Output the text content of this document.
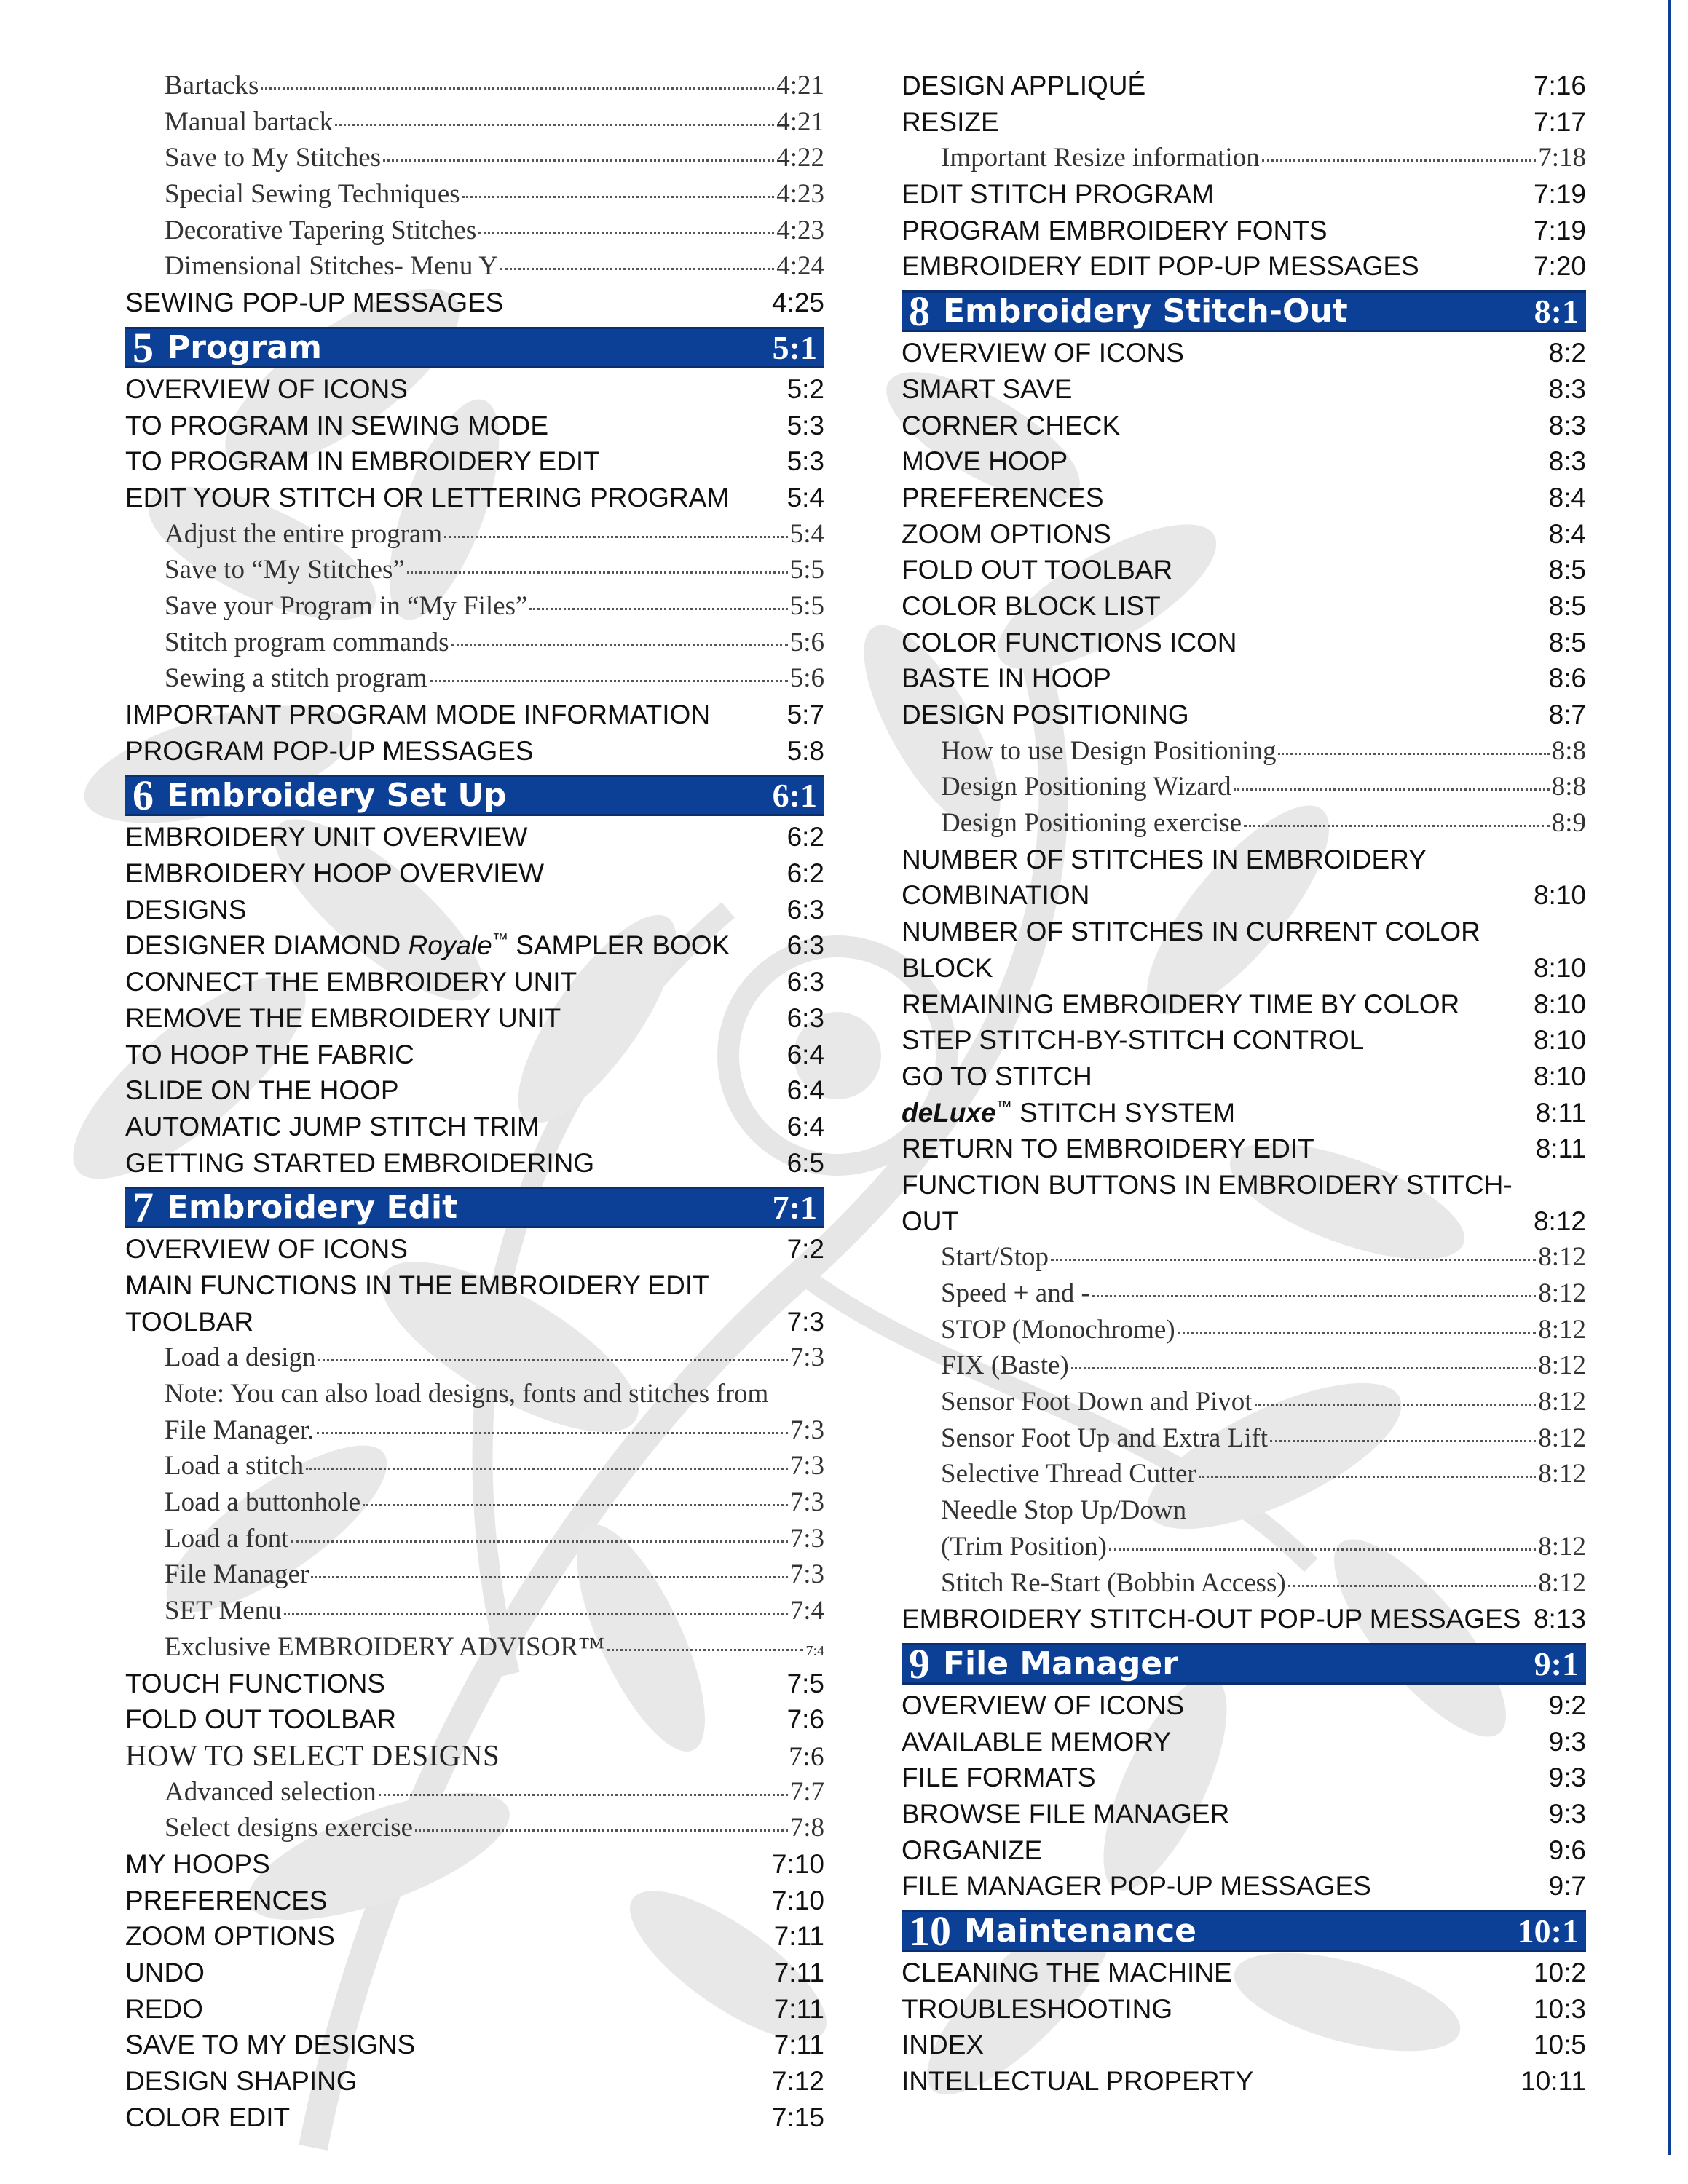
Bartacks	4:21
Manual bartack	4:21
Save to My Stitches	4:22
Special Sewing Techniques	4:23
Decorative Tapering Stitches	4:23
Dimensional Stitches- Menu Y	4:24
SEWING POP-UP MESSAGES	4:25
5 Program	5:1
OVERVIEW OF ICONS	5:2
TO PROGRAM IN SEWING MODE	5:3
TO PROGRAM IN EMBROIDERY EDIT	5:3
EDIT YOUR STITCH OR LETTERING PROGRAM	5:4
Adjust the entire program	5:4
Save to “My Stitches”	5:5
Save your Program in “My Files”	5:5
Stitch program commands	5:6
Sewing a stitch program	5:6
IMPORTANT PROGRAM MODE INFORMATION	5:7
PROGRAM POP-UP MESSAGES	5:8
6 Embroidery Set Up	6:1
EMBROIDERY UNIT OVERVIEW	6:2
EMBROIDERY HOOP OVERVIEW	6:2
DESIGNS	6:3
DESIGNER DIAMOND Royale™ SAMPLER BOOK	6:3
CONNECT THE EMBROIDERY UNIT	6:3
REMOVE THE EMBROIDERY UNIT	6:3
TO HOOP THE FABRIC	6:4
SLIDE ON THE HOOP	6:4
AUTOMATIC JUMP STITCH TRIM	6:4
GETTING STARTED EMBROIDERING	6:5
7 Embroidery Edit	7:1
OVERVIEW OF ICONS	7:2
MAIN FUNCTIONS IN THE EMBROIDERY EDIT
TOOLBAR	7:3
Load a design	7:3
Note: You can also load designs, fonts and stitches from
File Manager.	7:3
Load a stitch	7:3
Load a buttonhole	7:3
Load a font	7:3
File Manager	7:3
SET Menu	7:4
Exclusive EMBROIDERY ADVISOR™	7:4
TOUCH FUNCTIONS	7:5
FOLD OUT TOOLBAR	7:6
HOW TO SELECT DESIGNS	7:6
Advanced selection	7:7
Select designs exercise	7:8
MY HOOPS	7:10
PREFERENCES	7:10
ZOOM OPTIONS	7:11
UNDO	7:11
REDO	7:11
SAVE TO MY DESIGNS	7:11
DESIGN SHAPING	7:12
COLOR EDIT	7:15
DESIGN APPLIQUÉ	7:16
RESIZE	7:17
Important Resize information	7:18
EDIT STITCH PROGRAM	7:19
PROGRAM EMBROIDERY FONTS	7:19
EMBROIDERY EDIT POP-UP MESSAGES	7:20
8 Embroidery Stitch-Out	8:1
OVERVIEW OF ICONS	8:2
SMART SAVE	8:3
CORNER CHECK	8:3
MOVE HOOP	8:3
PREFERENCES	8:4
ZOOM OPTIONS	8:4
FOLD OUT TOOLBAR	8:5
COLOR BLOCK LIST	8:5
COLOR FUNCTIONS ICON	8:5
BASTE IN HOOP	8:6
DESIGN POSITIONING	8:7
How to use Design Positioning	8:8
Design Positioning Wizard	8:8
Design Positioning exercise	8:9
NUMBER OF STITCHES IN EMBROIDERY
COMBINATION	8:10
NUMBER OF STITCHES IN CURRENT COLOR
BLOCK	8:10
REMAINING EMBROIDERY TIME BY COLOR	8:10
STEP STITCH-BY-STITCH CONTROL	8:10
GO TO STITCH	8:10
deLuxe™ STITCH SYSTEM	8:11
RETURN TO EMBROIDERY EDIT	8:11
FUNCTION BUTTONS IN EMBROIDERY STITCH-
OUT	8:12
Start/Stop	8:12
Speed + and -	8:12
STOP (Monochrome)	8:12
FIX (Baste)	8:12
Sensor Foot Down and Pivot	8:12
Sensor Foot Up and Extra Lift	8:12
Selective Thread Cutter	8:12
Needle Stop Up/Down
(Trim Position)	8:12
Stitch Re-Start (Bobbin Access)	8:12
EMBROIDERY STITCH-OUT POP-UP MESSAGES 8:13
9 File Manager	9:1
OVERVIEW OF ICONS	9:2
AVAILABLE MEMORY	9:3
FILE FORMATS	9:3
BROWSE FILE MANAGER	9:3
ORGANIZE	9:6
FILE MANAGER POP-UP MESSAGES	9:7
10 Maintenance	10:1
CLEANING THE MACHINE	10:2
TROUBLESHOOTING	10:3
INDEX	10:5
INTELLECTUAL PROPERTY	10:11
